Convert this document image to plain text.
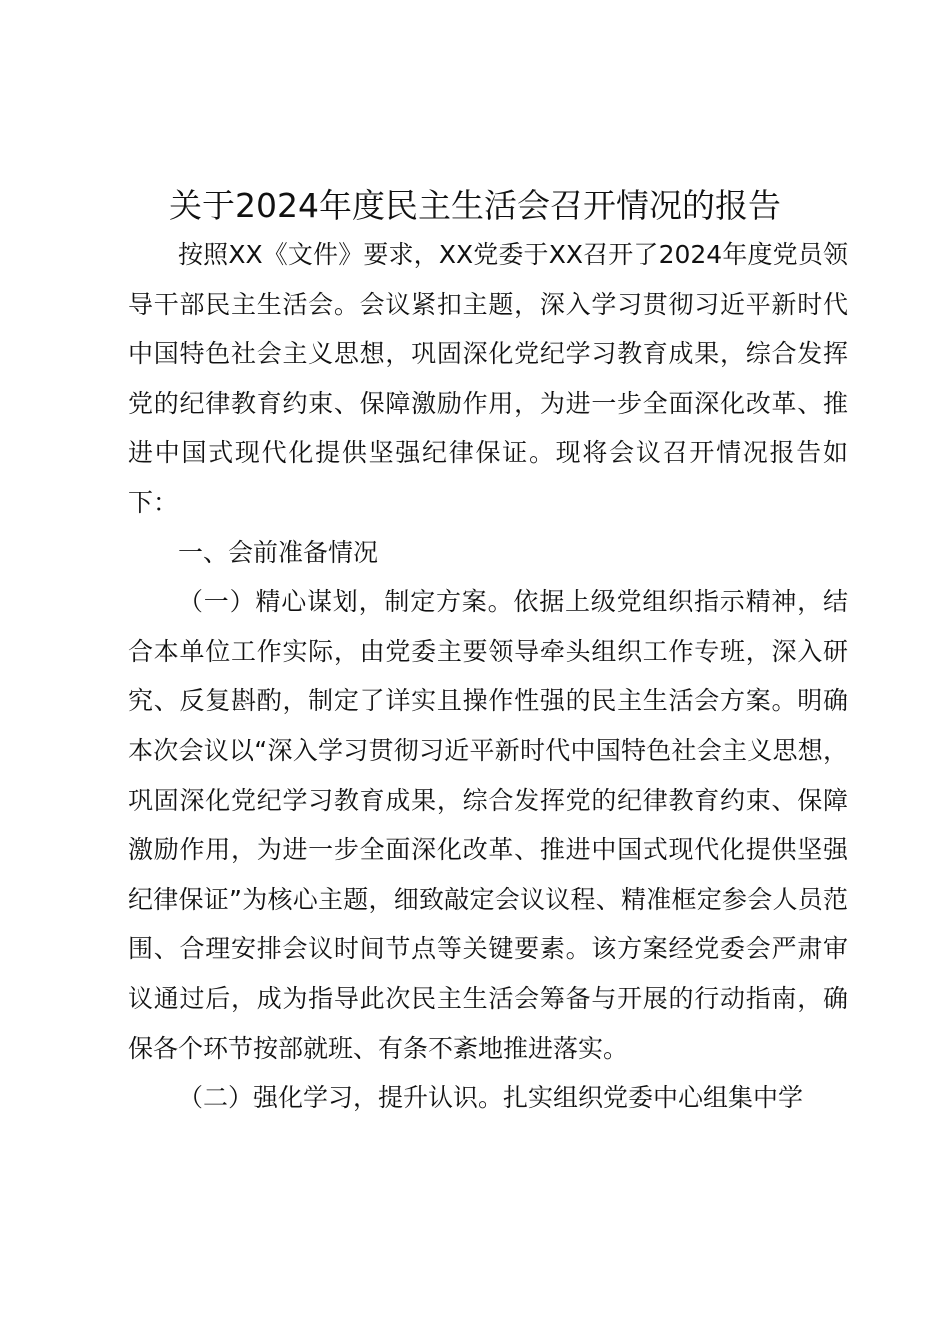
关于2024年度民主生活会召开情况的报告

按照XX《文件》要求，XX党委于XX召开了2024年度党员领导干部民主生活会。会议紧扣主题，深入学习贯彻习近平新时代中国特色社会主义思想，巩固深化党纪学习教育成果，综合发挥党的纪律教育约束、保障激励作用，为进一步全面深化改革、推进中国式现代化提供坚强纪律保证。现将会议召开情况报告如下：

一、会前准备情况

（一）精心谋划，制定方案。依据上级党组织指示精神，结合本单位工作实际，由党委主要领导牵头组织工作专班，深入研究、反复斟酌，制定了详实且操作性强的民主生活会方案。明确本次会议以“深入学习贯彻习近平新时代中国特色社会主义思想，巩固深化党纪学习教育成果，综合发挥党的纪律教育约束、保障激励作用，为进一步全面深化改革、推进中国式现代化提供坚强纪律保证”为核心主题，细致敲定会议议程、精准框定参会人员范围、合理安排会议时间节点等关键要素。该方案经党委会严肃审议通过后，成为指导此次民主生活会筹备与开展的行动指南，确保各个环节按部就班、有条不紊地推进落实。

（二）强化学习，提升认识。扎实组织党委中心组集中学
